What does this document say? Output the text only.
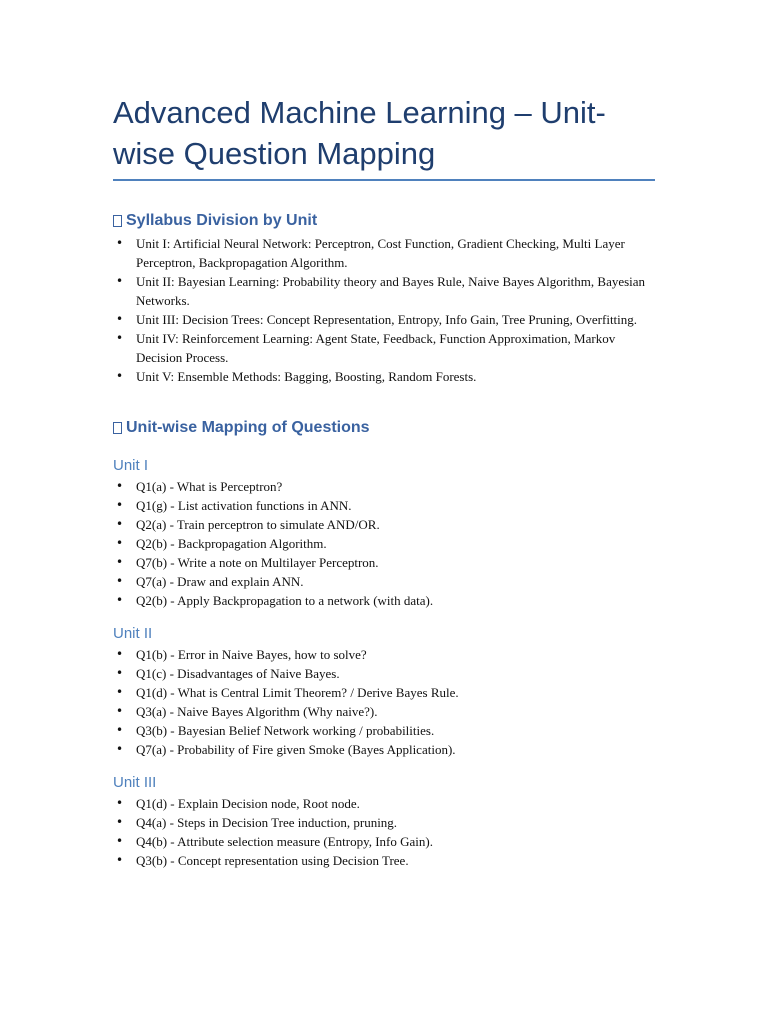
Advanced Machine Learning – Unit-wise Question Mapping
Syllabus Division by Unit
• Unit I: Artificial Neural Network: Perceptron, Cost Function, Gradient Checking, Multi Layer Perceptron, Backpropagation Algorithm.
• Unit II: Bayesian Learning: Probability theory and Bayes Rule, Naive Bayes Algorithm, Bayesian Networks.
• Unit III: Decision Trees: Concept Representation, Entropy, Info Gain, Tree Pruning, Overfitting.
• Unit IV: Reinforcement Learning: Agent State, Feedback, Function Approximation, Markov Decision Process.
• Unit V: Ensemble Methods: Bagging, Boosting, Random Forests.
Unit-wise Mapping of Questions
Unit I
• Q1(a) - What is Perceptron?
• Q1(g) - List activation functions in ANN.
• Q2(a) - Train perceptron to simulate AND/OR.
• Q2(b) - Backpropagation Algorithm.
• Q7(b) - Write a note on Multilayer Perceptron.
• Q7(a) - Draw and explain ANN.
• Q2(b) - Apply Backpropagation to a network (with data).
Unit II
• Q1(b) - Error in Naive Bayes, how to solve?
• Q1(c) - Disadvantages of Naive Bayes.
• Q1(d) - What is Central Limit Theorem? / Derive Bayes Rule.
• Q3(a) - Naive Bayes Algorithm (Why naive?).
• Q3(b) - Bayesian Belief Network working / probabilities.
• Q7(a) - Probability of Fire given Smoke (Bayes Application).
Unit III
• Q1(d) - Explain Decision node, Root node.
• Q4(a) - Steps in Decision Tree induction, pruning.
• Q4(b) - Attribute selection measure (Entropy, Info Gain).
• Q3(b) - Concept representation using Decision Tree.
